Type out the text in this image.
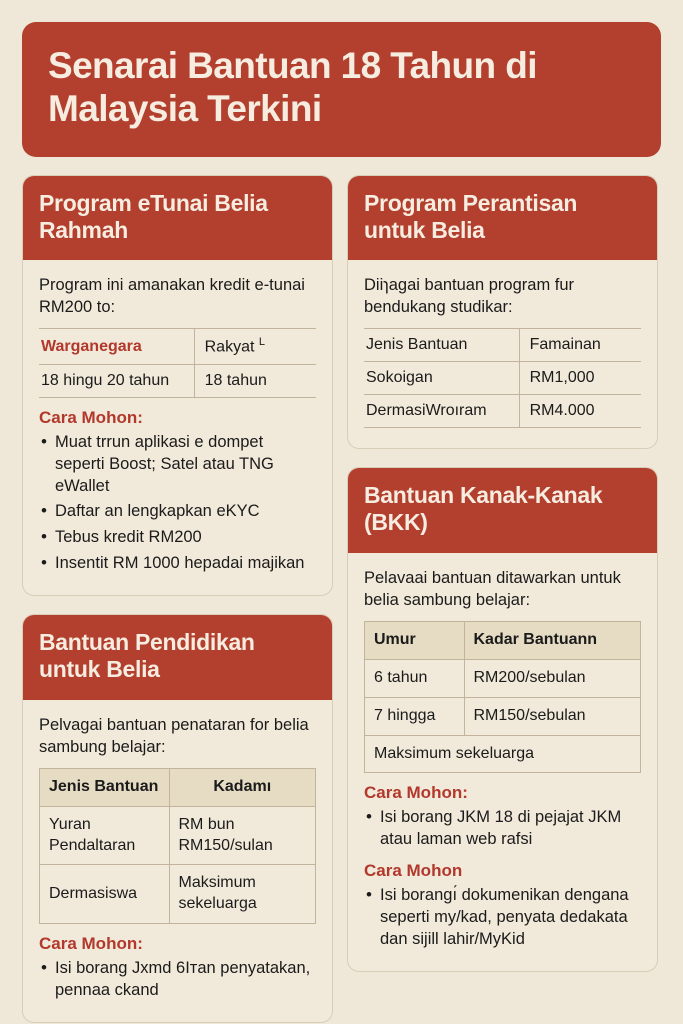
Senarai Bantuan 18 Tahun di Malaysia Terkini
Program eTunai Belia Rahmah

Program ini amanakan kredit e-tunai RM200 to:

Warganegara	Rakyat $^L$
18 hingu 20 tahun	18 tahun
Cara Mohon:
• Muat trrun aplikasi e dompet seperti Boost; Satel atau TNG eWallet
• Daftar an lengkapkan eKYC
• Tebus kredit RM200
• Insentit RM 1000 hepadai majikan
Bantuan Pendidikan untuk Belia

Pelvagai bantuan penataran for belia sambung belajar:

Jenis Bantuan	Kadamı
Yuran Pendaltaran	RM bun RM150/sulan
Dermasiswa	Maksimum sekeluarga
Cara Mohon:
• Isi borang Jxmd 6Ітan penyatakan, pennaa ckand
Program Perantisan untuk Belia

Diiɿagai bantuan program fur bendukang studikar:

Jenis Bantuan	Famainan
Sokoigan	RM1,000
DermasiWroıram	RM4.000
Bantuan Kanak-Kanak (BKK)

Pelavaai bantuan ditawarkan untuk belia sambung belajar:

Umur	Kadar Bantuann
6 tahun	RM200/sebulan
7 hingga	RM150/sebulan
Maksimum sekeluarga	
Cara Mohon:
• Isi borang JKM 18 di pejajat JKM atau laman web rafsi
Cara Mohon
• Isi borangı́ dokumenikan dengana seperti my/kad, penyata dedakata dan sijill lahir/MyKid
